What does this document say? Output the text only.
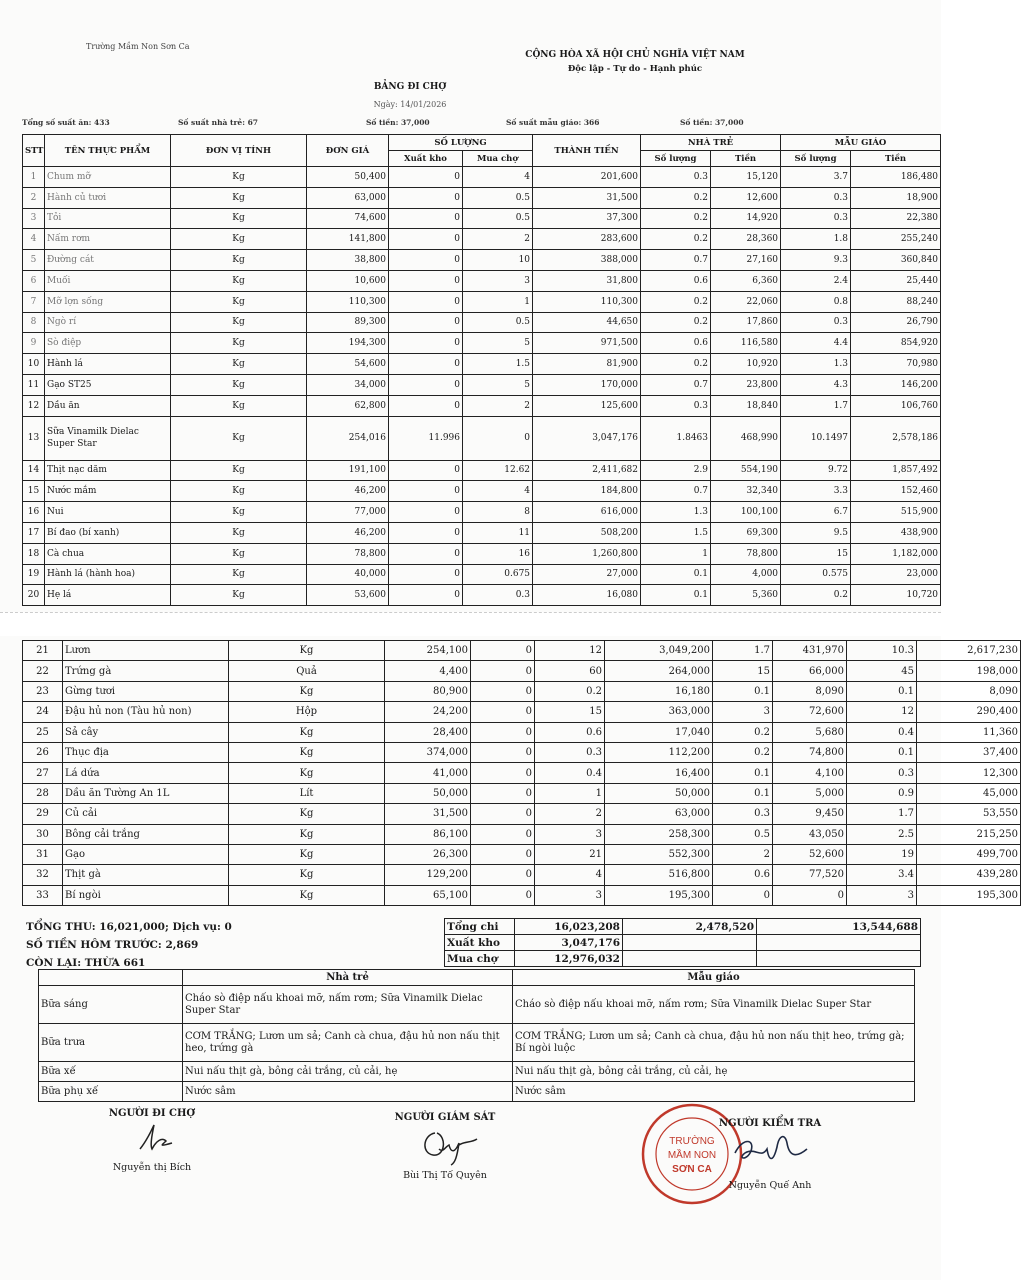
Trường Mầm Non Sơn Ca
CỘNG HÒA XÃ HỘI CHỦ NGHĨA VIỆT NAM
Độc lập - Tự do - Hạnh phúc
BẢNG ĐI CHỢ
Ngày: 14/01/2026
Tổng số suất ăn: 433	Số suất nhà trẻ: 67	Số tiền: 37,000	Số suất mẫu giáo: 366	Số tiền: 37,000
STT	TÊN THỰC PHẨM	ĐƠN VỊ TÍNH	ĐƠN GIÁ	SỐ LƯỢNG		THÀNH TIỀN	NHÀ TRẺ		MẪU GIÁO	
				Xuất kho	Mua chợ		Số lượng	Tiền	Số lượng	Tiền
1	Chum mỡ	Kg	50,400	0	4	201,600	0.3	15,120	3.7	186,480
2	Hành củ tươi	Kg	63,000	0	0.5	31,500	0.2	12,600	0.3	18,900
3	Tỏi	Kg	74,600	0	0.5	37,300	0.2	14,920	0.3	22,380
4	Nấm rơm	Kg	141,800	0	2	283,600	0.2	28,360	1.8	255,240
5	Đường cát	Kg	38,800	0	10	388,000	0.7	27,160	9.3	360,840
6	Muối	Kg	10,600	0	3	31,800	0.6	6,360	2.4	25,440
7	Mỡ lợn sống	Kg	110,300	0	1	110,300	0.2	22,060	0.8	88,240
8	Ngò rí	Kg	89,300	0	0.5	44,650	0.2	17,860	0.3	26,790
9	Sò điệp	Kg	194,300	0	5	971,500	0.6	116,580	4.4	854,920
10	Hành lá	Kg	54,600	0	1.5	81,900	0.2	10,920	1.3	70,980
11	Gạo ST25	Kg	34,000	0	5	170,000	0.7	23,800	4.3	146,200
12	Dầu ăn	Kg	62,800	0	2	125,600	0.3	18,840	1.7	106,760
13	Sữa Vinamilk Dielac Super Star	Kg	254,016	11.996	0	3,047,176	1.8463	468,990	10.1497	2,578,186
14	Thịt nạc dăm	Kg	191,100	0	12.62	2,411,682	2.9	554,190	9.72	1,857,492
15	Nước mắm	Kg	46,200	0	4	184,800	0.7	32,340	3.3	152,460
16	Nui	Kg	77,000	0	8	616,000	1.3	100,100	6.7	515,900
17	Bí đao (bí xanh)	Kg	46,200	0	11	508,200	1.5	69,300	9.5	438,900
18	Cà chua	Kg	78,800	0	16	1,260,800	1	78,800	15	1,182,000
19	Hành lá (hành hoa)	Kg	40,000	0	0.675	27,000	0.1	4,000	0.575	23,000
20	Hẹ lá	Kg	53,600	0	0.3	16,080	0.1	5,360	0.2	10,720
21	Lươn	Kg	254,100	0	12	3,049,200	1.7	431,970	10.3	2,617,230
22	Trứng gà	Quả	4,400	0	60	264,000	15	66,000	45	198,000
23	Gừng tươi	Kg	80,900	0	0.2	16,180	0.1	8,090	0.1	8,090
24	Đậu hủ non (Tàu hủ non)	Hộp	24,200	0	15	363,000	3	72,600	12	290,400
25	Sả cây	Kg	28,400	0	0.6	17,040	0.2	5,680	0.4	11,360
26	Thục địa	Kg	374,000	0	0.3	112,200	0.2	74,800	0.1	37,400
27	Lá dứa	Kg	41,000	0	0.4	16,400	0.1	4,100	0.3	12,300
28	Dầu ăn Tường An 1L	Lít	50,000	0	1	50,000	0.1	5,000	0.9	45,000
29	Củ cải	Kg	31,500	0	2	63,000	0.3	9,450	1.7	53,550
30	Bông cải trắng	Kg	86,100	0	3	258,300	0.5	43,050	2.5	215,250
31	Gạo	Kg	26,300	0	21	552,300	2	52,600	19	499,700
32	Thịt gà	Kg	129,200	0	4	516,800	0.6	77,520	3.4	439,280
33	Bí ngòi	Kg	65,100	0	3	195,300	0	0	3	195,300
TỔNG THU: 16,021,000; Dịch vụ: 0
SỐ TIỀN HÔM TRƯỚC: 2,869
CÒN LẠI: THỪA 661
Tổng chi	16,023,208	2,478,520	13,544,688
Xuất kho	3,047,176		
Mua chợ	12,976,032		
	Nhà trẻ	Mẫu giáo
Bữa sáng	Cháo sò điệp nấu khoai mỡ, nấm rơm; Sữa Vinamilk Dielac Super Star	Cháo sò điệp nấu khoai mỡ, nấm rơm; Sữa Vinamilk Dielac Super Star
Bữa trưa	CƠM TRẮNG; Lươn um sả; Canh cà chua, đậu hủ non nấu thịt heo, trứng gà	CƠM TRẮNG; Lươn um sả; Canh cà chua, đậu hủ non nấu thịt heo, trứng gà; Bí ngòi luộc
Bữa xế	Nui nấu thịt gà, bông cải trắng, củ cải, hẹ	Nui nấu thịt gà, bông cải trắng, củ cải, hẹ
Bữa phụ xế	Nước sâm	Nước sâm
NGƯỜI ĐI CHỢ
Nguyễn thị Bích
NGƯỜI GIÁM SÁT
Bùi Thị Tố Quyên
TRƯỜNG
MẦM NON
SƠN CA
NGƯỜI KIỂM TRA
Nguyễn Quế Anh
